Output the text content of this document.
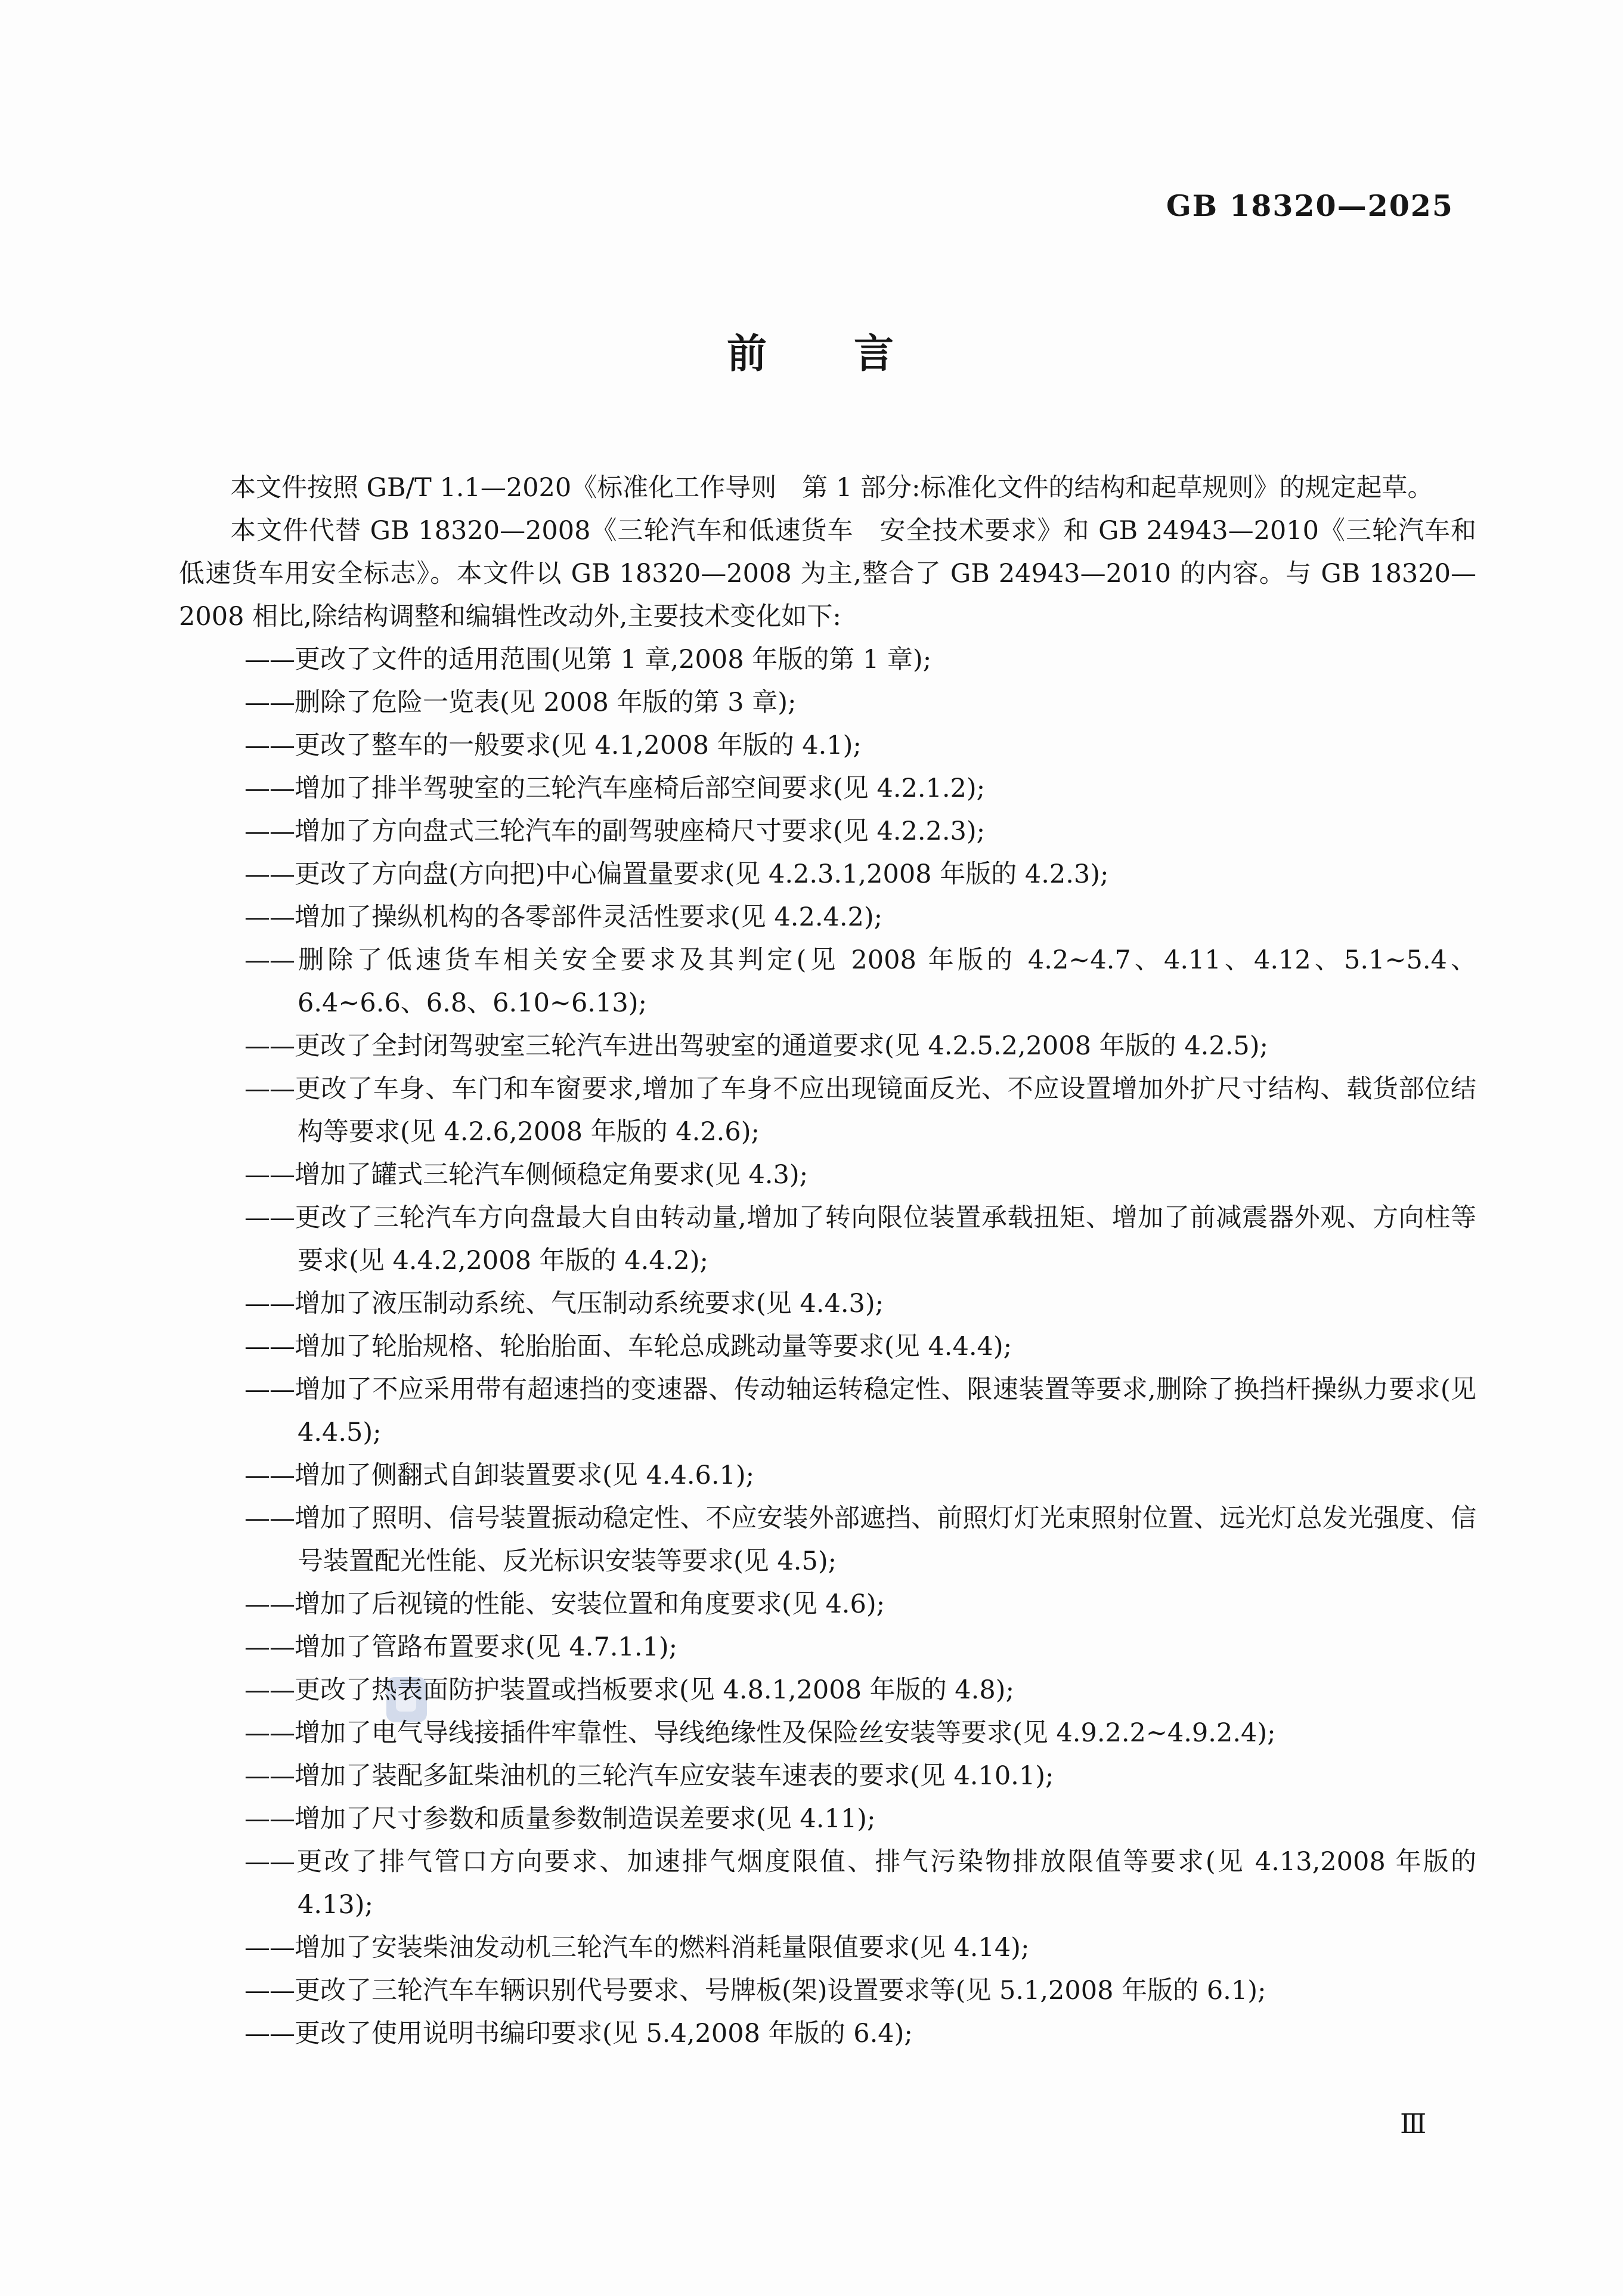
GB 18320—2025
前　　言

本文件按照 GB/T 1.1—2020《标准化工作导则　第 1 部分:标准化文件的结构和起草规则》的规定起草。

本文件代替 GB 18320—2008《三轮汽车和低速货车　安全技术要求》和 GB 24943—2010《三轮汽车和低速货车用安全标志》。本文件以 GB 18320—2008 为主,整合了 GB 24943—2010 的内容。与 GB 18320—2008 相比,除结构调整和编辑性改动外,主要技术变化如下:

——更改了文件的适用范围(见第 1 章,2008 年版的第 1 章);
——删除了危险一览表(见 2008 年版的第 3 章);
——更改了整车的一般要求(见 4.1,2008 年版的 4.1);
——增加了排半驾驶室的三轮汽车座椅后部空间要求(见 4.2.1.2);
——增加了方向盘式三轮汽车的副驾驶座椅尺寸要求(见 4.2.2.3);
——更改了方向盘(方向把)中心偏置量要求(见 4.2.3.1,2008 年版的 4.2.3);
——增加了操纵机构的各零部件灵活性要求(见 4.2.4.2);
——删除了低速货车相关安全要求及其判定(见 2008 年版的 4.2~4.7、4.11、4.12、5.1~5.4、6.4~6.6、6.8、6.10~6.13);
——更改了全封闭驾驶室三轮汽车进出驾驶室的通道要求(见 4.2.5.2,2008 年版的 4.2.5);
——更改了车身、车门和车窗要求,增加了车身不应出现镜面反光、不应设置增加外扩尺寸结构、载货部位结构等要求(见 4.2.6,2008 年版的 4.2.6);
——增加了罐式三轮汽车侧倾稳定角要求(见 4.3);
——更改了三轮汽车方向盘最大自由转动量,增加了转向限位装置承载扭矩、增加了前减震器外观、方向柱等要求(见 4.4.2,2008 年版的 4.4.2);
——增加了液压制动系统、气压制动系统要求(见 4.4.3);
——增加了轮胎规格、轮胎胎面、车轮总成跳动量等要求(见 4.4.4);
——增加了不应采用带有超速挡的变速器、传动轴运转稳定性、限速装置等要求,删除了换挡杆操纵力要求(见 4.4.5);
——增加了侧翻式自卸装置要求(见 4.4.6.1);
——增加了照明、信号装置振动稳定性、不应安装外部遮挡、前照灯灯光束照射位置、远光灯总发光强度、信号装置配光性能、反光标识安装等要求(见 4.5);
——增加了后视镜的性能、安装位置和角度要求(见 4.6);
——增加了管路布置要求(见 4.7.1.1);
——更改了热表面防护装置或挡板要求(见 4.8.1,2008 年版的 4.8);
——增加了电气导线接插件牢靠性、导线绝缘性及保险丝安装等要求(见 4.9.2.2~4.9.2.4);
——增加了装配多缸柴油机的三轮汽车应安装车速表的要求(见 4.10.1);
——增加了尺寸参数和质量参数制造误差要求(见 4.11);
——更改了排气管口方向要求、加速排气烟度限值、排气污染物排放限值等要求(见 4.13,2008 年版的 4.13);
——增加了安装柴油发动机三轮汽车的燃料消耗量限值要求(见 4.14);
——更改了三轮汽车车辆识别代号要求、号牌板(架)设置要求等(见 5.1,2008 年版的 6.1);
——更改了使用说明书编印要求(见 5.4,2008 年版的 6.4);
Ⅲ
